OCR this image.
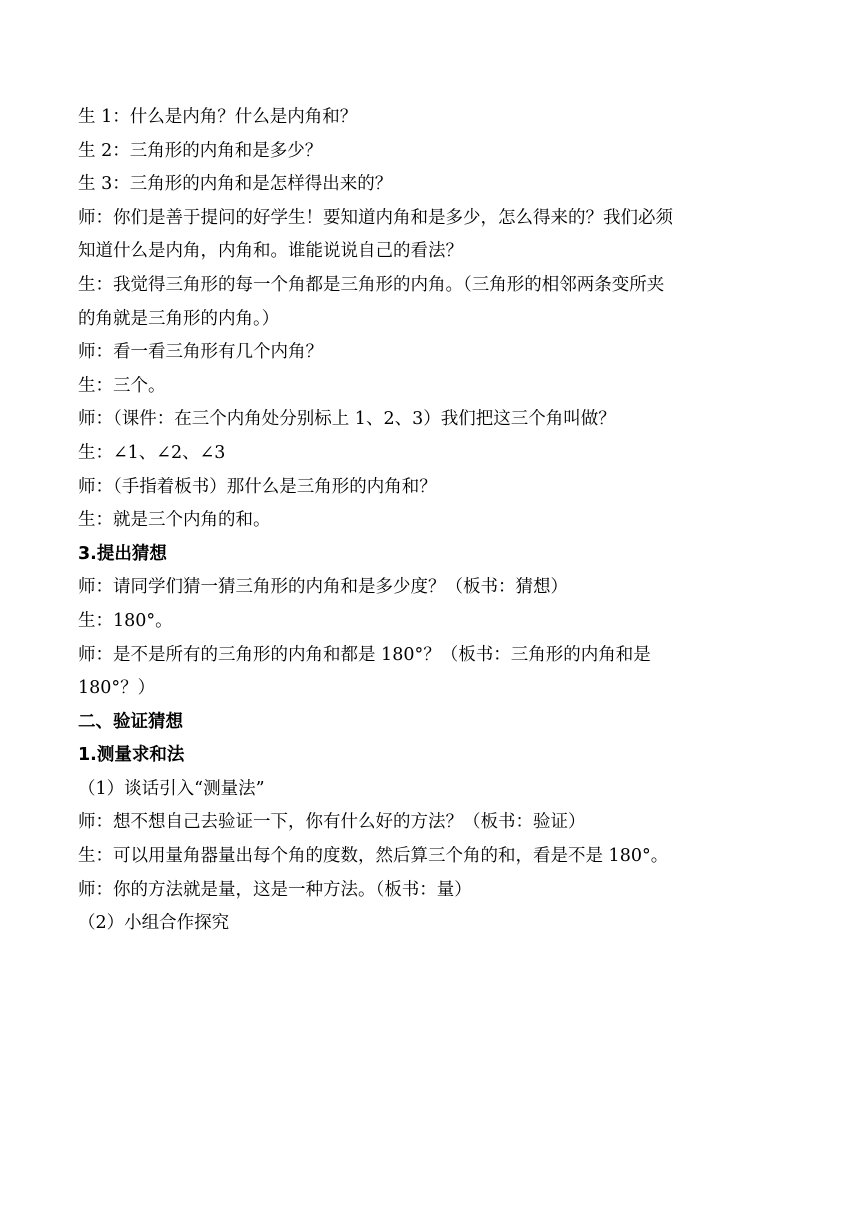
生 1：什么是内角？什么是内角和？
生 2：三角形的内角和是多少？
生 3：三角形的内角和是怎样得出来的？
师：你们是善于提问的好学生！要知道内角和是多少，怎么得来的？我们必须
知道什么是内角，内角和。谁能说说自己的看法？
生：我觉得三角形的每一个角都是三角形的内角。（三角形的相邻两条变所夹
的角就是三角形的内角。）
师：看一看三角形有几个内角？
生：三个。
师：（课件：在三个内角处分别标上 1、2、3）我们把这三个角叫做？
生：∠1、∠2、∠3
师：（手指着板书）那什么是三角形的内角和？
生：就是三个内角的和。
3.提出猜想
师：请同学们猜一猜三角形的内角和是多少度？（板书：猜想）
生：180°。
师：是不是所有的三角形的内角和都是 180°？（板书：三角形的内角和是
180°？）
二、验证猜想
1.测量求和法
（1）谈话引入“测量法”
师：想不想自己去验证一下，你有什么好的方法？（板书：验证）
生：可以用量角器量出每个角的度数，然后算三个角的和，看是不是 180°。
师：你的方法就是量，这是一种方法。（板书：量）
（2）小组合作探究
